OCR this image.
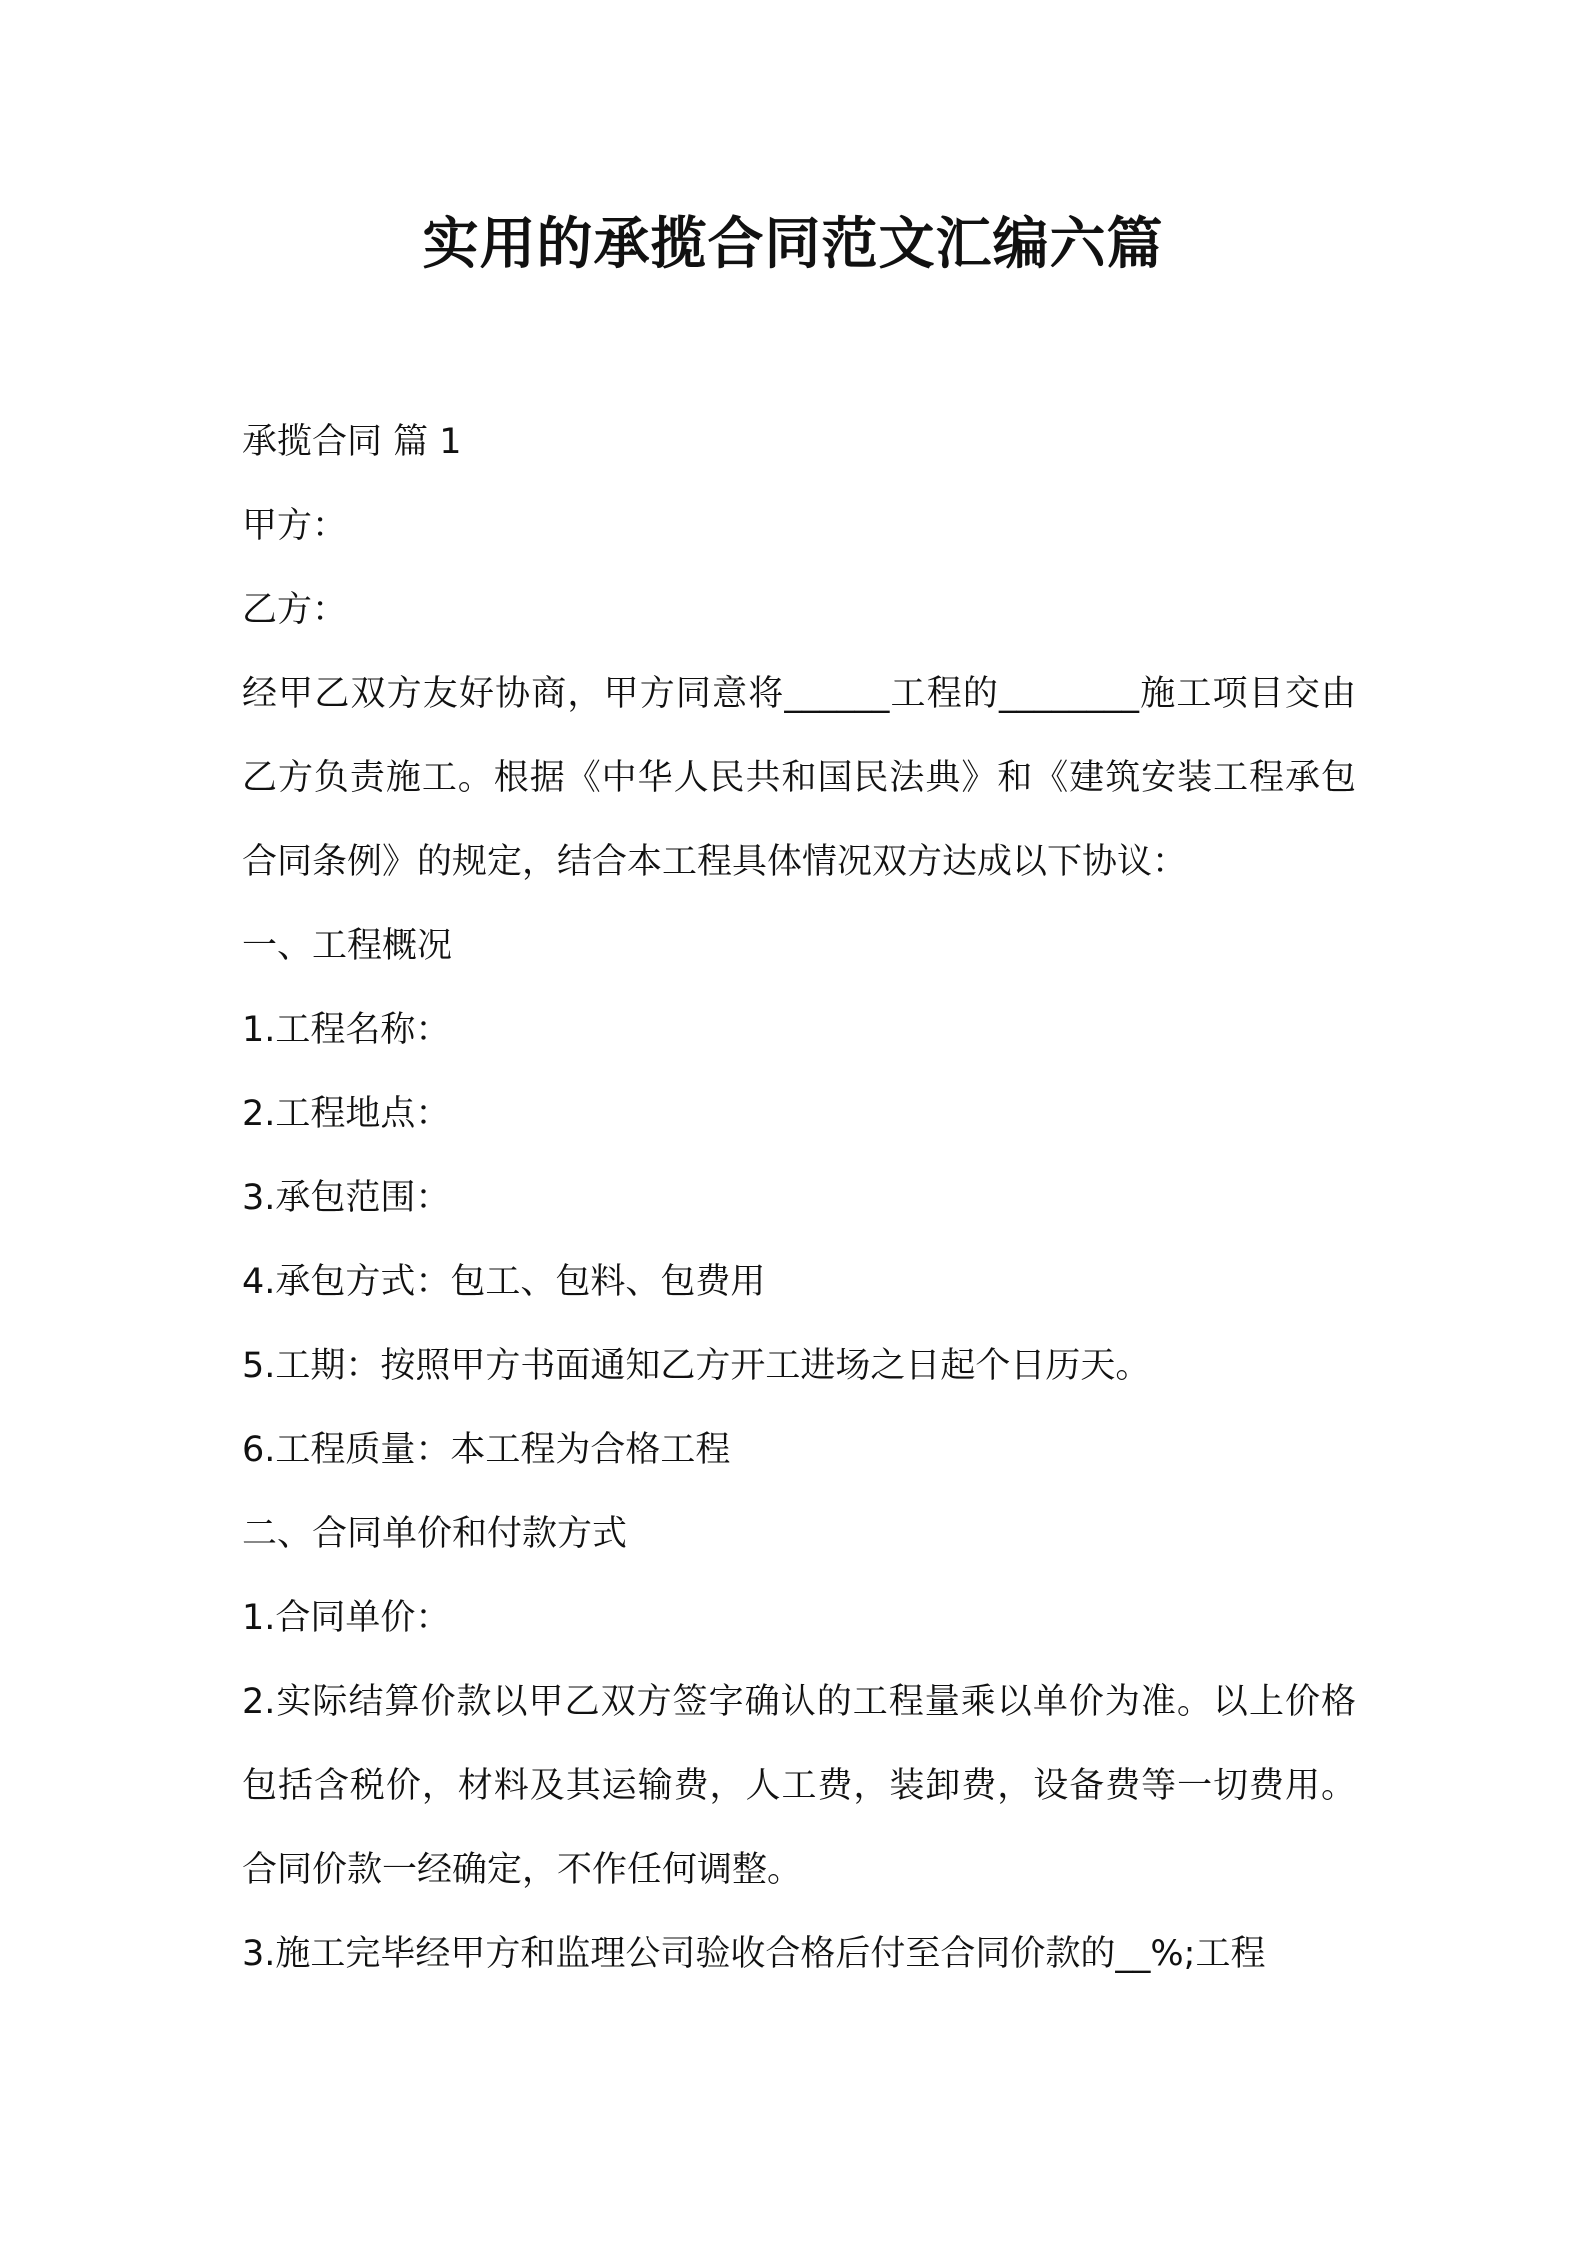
实用的承揽合同范文汇编六篇

承揽合同 篇 1

甲方：

乙方：

经甲乙双方友好协商，甲方同意将______工程的________施工项目交由乙方负责施工。根据《中华人民共和国民法典》和《建筑安装工程承包合同条例》的规定，结合本工程具体情况双方达成以下协议：

一、工程概况

1.工程名称：

2.工程地点：

3.承包范围：

4.承包方式：包工、包料、包费用

5.工期：按照甲方书面通知乙方开工进场之日起个日历天。

6.工程质量：本工程为合格工程

二、合同单价和付款方式

1.合同单价：

2.实际结算价款以甲乙双方签字确认的工程量乘以单价为准。以上价格包括含税价，材料及其运输费，人工费，装卸费，设备费等一切费用。合同价款一经确定，不作任何调整。

3.施工完毕经甲方和监理公司验收合格后付至合同价款的__%;工程
